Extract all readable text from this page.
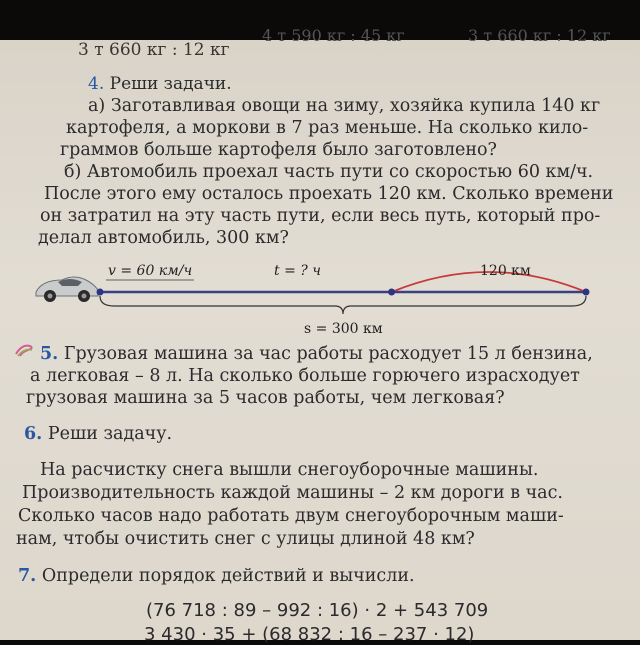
3 т 660 кг : 12 кг
4 т 590 кг : 45 кг	3 т 660 кг : 12 кг
4. Реши задачи.
а) Заготавливая овощи на зиму, хозяйка купила 140 кг
картофеля, а моркови в 7 раз меньше. На сколько кило-
граммов больше картофеля было заготовлено?
б) Автомобиль проехал часть пути со скоростью 60 км/ч.
После этого ему осталось проехать 120 км. Сколько времени
он затратил на эту часть пути, если весь путь, который про-
делал автомобиль, 300 км?
v = 60 км/ч	t = ? ч	120 км
s = 300 км
5. Грузовая машина за час работы расходует 15 л бензина,
а легковая – 8 л. На сколько больше горючего израсходует
грузовая машина за 5 часов работы, чем легковая?
6. Реши задачу.
На расчистку снега вышли снегоуборочные машины.
Производительность каждой машины – 2 км дороги в час.
Сколько часов надо работать двум снегоуборочным маши-
нам, чтобы очистить снег с улицы длиной 48 км?
7. Определи порядок действий и вычисли.
(76 718 : 89 – 992 : 16) · 2 + 543 709
3 430 · 35 + (68 832 : 16 – 237 · 12)
